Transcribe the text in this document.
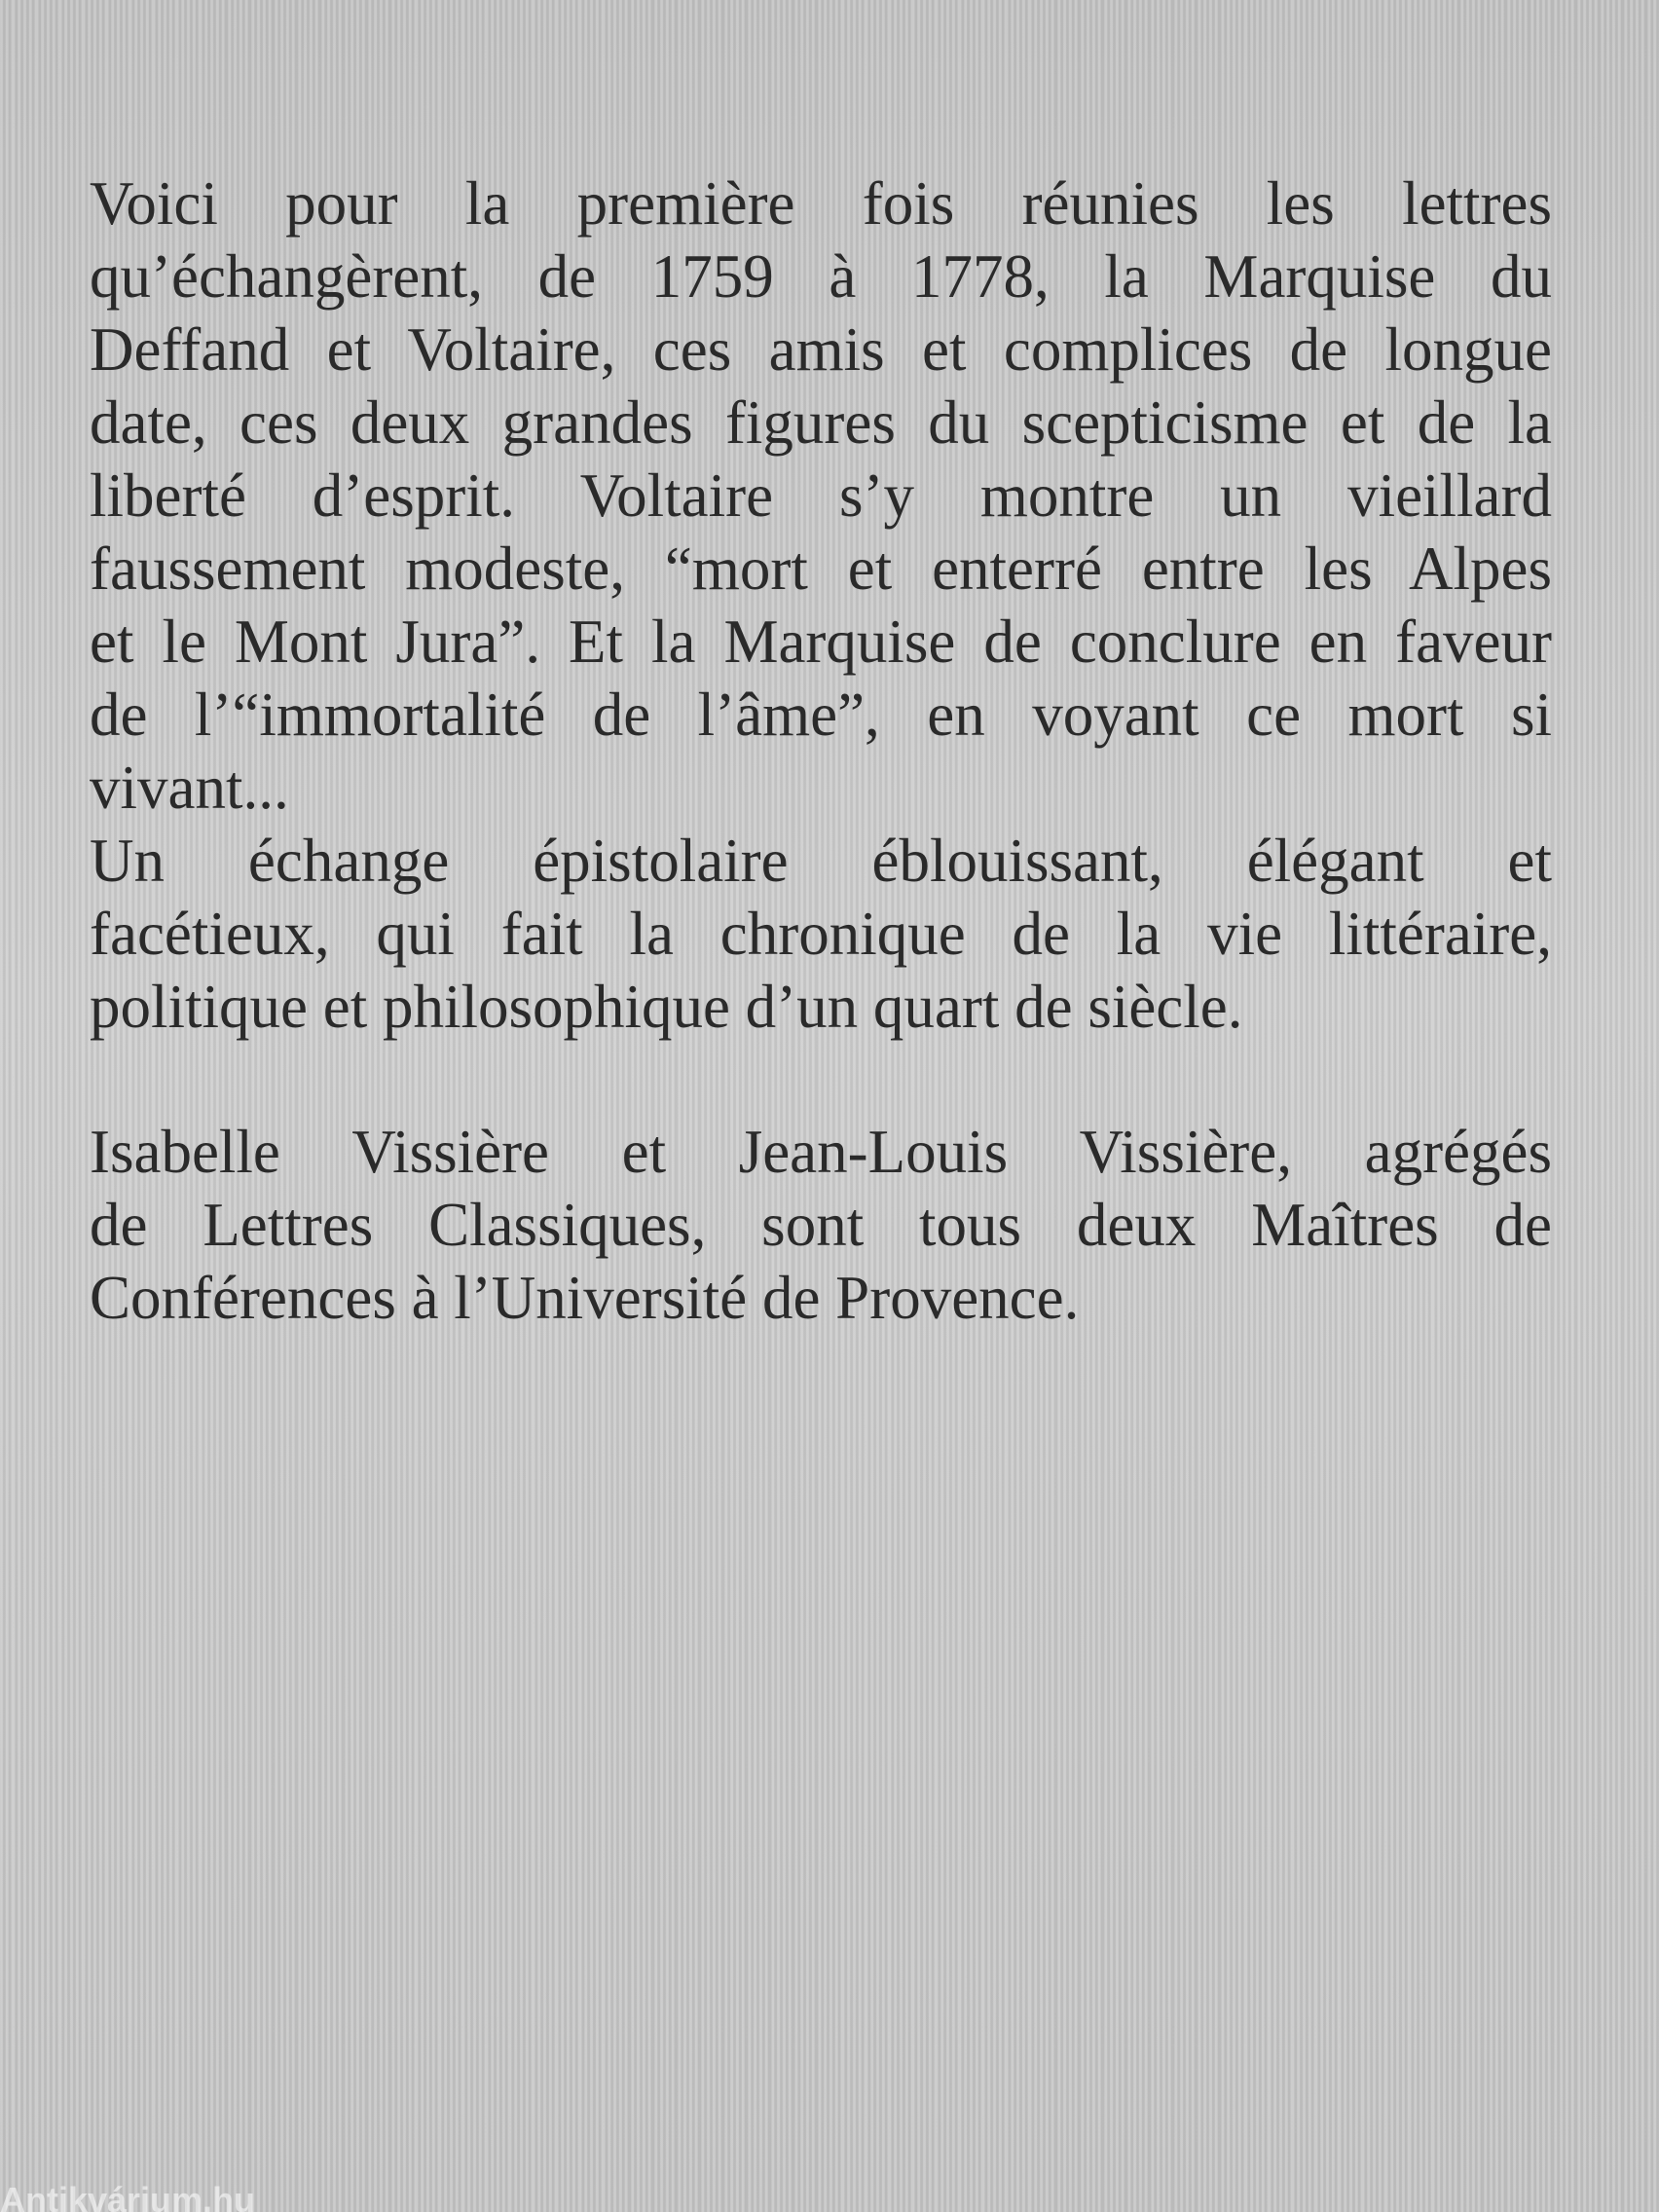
Voici pour la première fois réunies les lettres
qu’échangèrent, de 1759 à 1778, la Marquise du
Deffand et Voltaire, ces amis et complices de longue
date, ces deux grandes figures du scepticisme et de la
liberté d’esprit. Voltaire s’y montre un vieillard
faussement modeste, “mort et enterré entre les Alpes
et le Mont Jura”. Et la Marquise de conclure en faveur
de l’“immortalité de l’âme”, en voyant ce mort si
vivant...
Un échange épistolaire éblouissant, élégant et
facétieux, qui fait la chronique de la vie littéraire,
politique et philosophique d’un quart de siècle.
Isabelle Vissière et Jean-Louis Vissière, agrégés
de Lettres Classiques, sont tous deux Maîtres de
Conférences à l’Université de Provence.
Antikvárium.hu
